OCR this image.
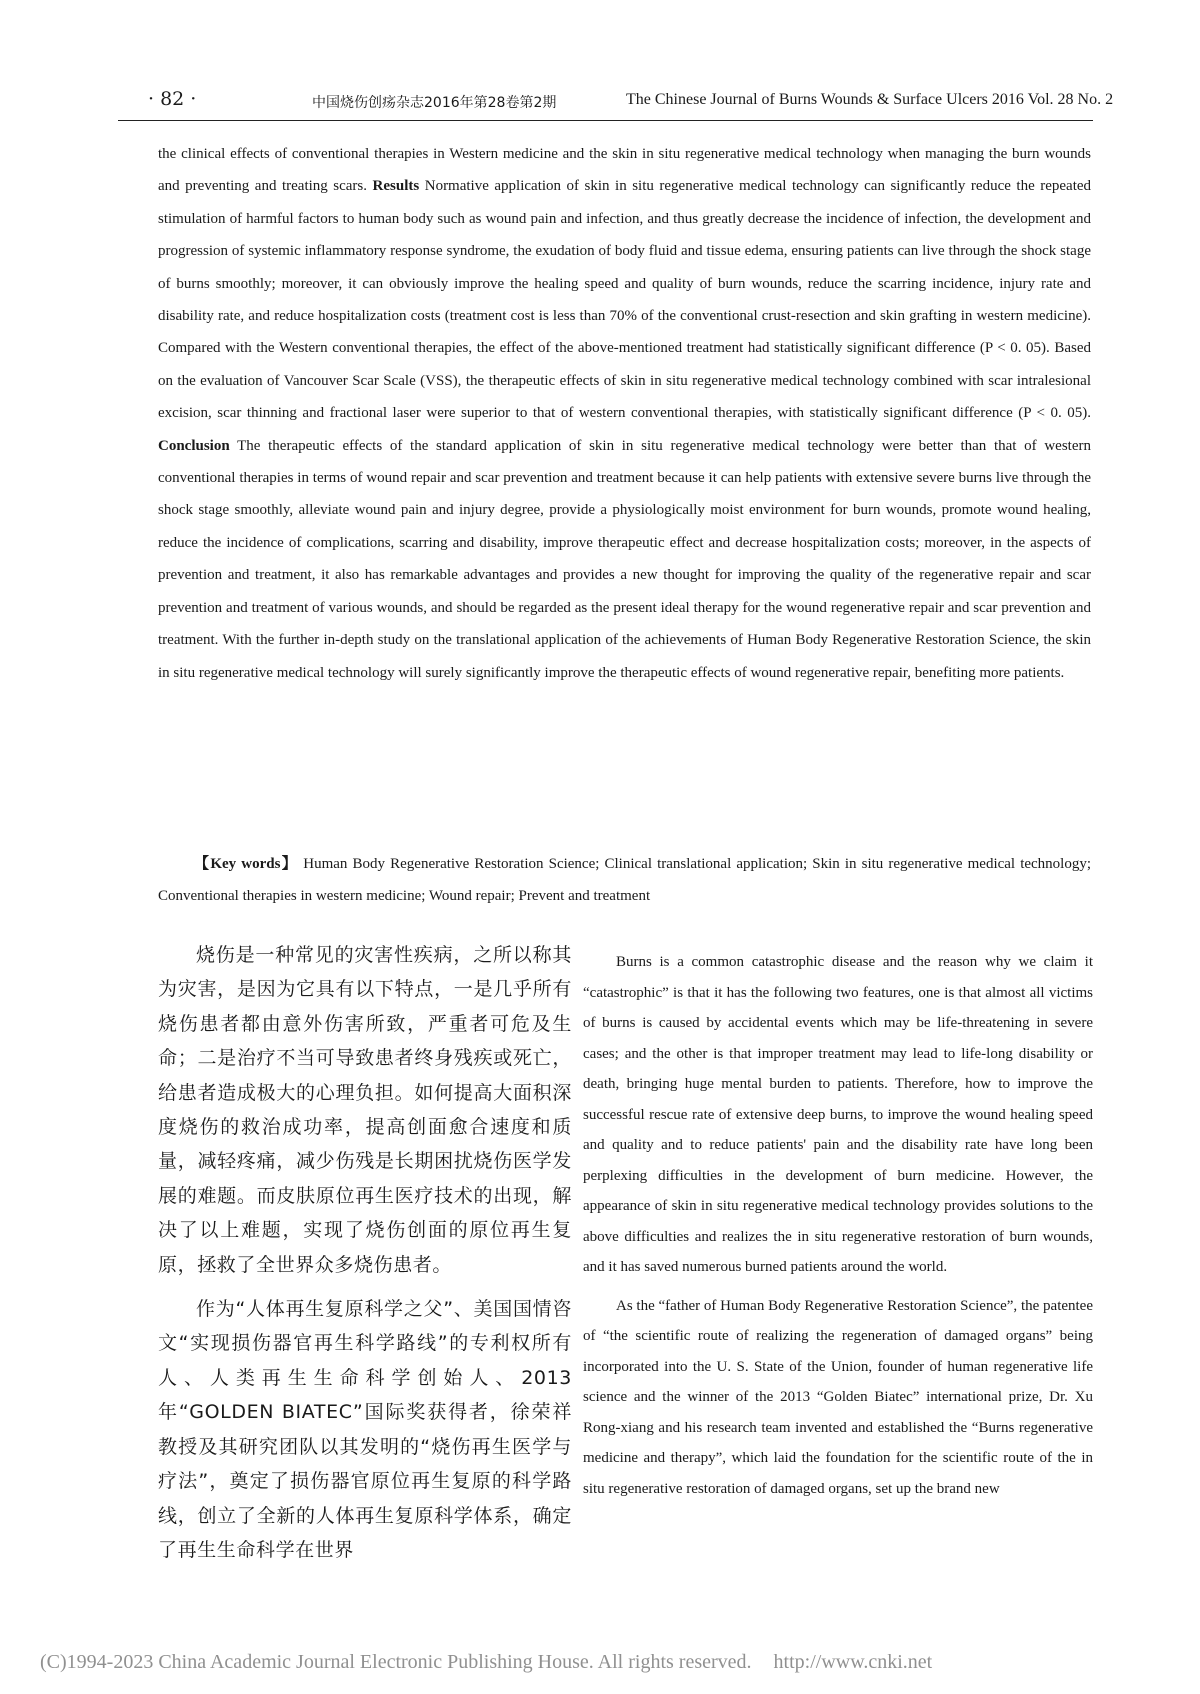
· 82 ·	中国烧伤创疡杂志2016年第28卷第2期	The Chinese Journal of Burns Wounds & Surface Ulcers 2016 Vol. 28 No. 2

the clinical effects of conventional therapies in Western medicine and the skin in situ regenerative medical technology when managing the burn wounds and preventing and treating scars. Results Normative application of skin in situ regenerative medical technology can significantly reduce the repeated stimulation of harmful factors to human body such as wound pain and infection, and thus greatly decrease the incidence of infection, the development and progression of systemic inflammatory response syndrome, the exudation of body fluid and tissue edema, ensuring patients can live through the shock stage of burns smoothly; moreover, it can obviously improve the healing speed and quality of burn wounds, reduce the scarring incidence, injury rate and disability rate, and reduce hospitalization costs (treatment cost is less than 70% of the conventional crust-resection and skin grafting in western medicine). Compared with the Western conventional therapies, the effect of the above-mentioned treatment had statistically significant difference (P < 0. 05). Based on the evaluation of Vancouver Scar Scale (VSS), the therapeutic effects of skin in situ regenerative medical technology combined with scar intralesional excision, scar thinning and fractional laser were superior to that of western conventional therapies, with statistically significant difference (P < 0. 05). Conclusion The therapeutic effects of the standard application of skin in situ regenerative medical technology were better than that of western conventional therapies in terms of wound repair and scar prevention and treatment because it can help patients with extensive severe burns live through the shock stage smoothly, alleviate wound pain and injury degree, provide a physiologically moist environment for burn wounds, promote wound healing, reduce the incidence of complications, scarring and disability, improve therapeutic effect and decrease hospitalization costs; moreover, in the aspects of prevention and treatment, it also has remarkable advantages and provides a new thought for improving the quality of the regenerative repair and scar prevention and treatment of various wounds, and should be regarded as the present ideal therapy for the wound regenerative repair and scar prevention and treatment. With the further in-depth study on the translational application of the achievements of Human Body Regenerative Restoration Science, the skin in situ regenerative medical technology will surely significantly improve the therapeutic effects of wound regenerative repair, benefiting more patients.

【Key words】 Human Body Regenerative Restoration Science; Clinical translational application; Skin in situ regenerative medical technology; Conventional therapies in western medicine; Wound repair; Prevent and treatment

烧伤是一种常见的灾害性疾病，之所以称其为灾害，是因为它具有以下特点，一是几乎所有烧伤患者都由意外伤害所致，严重者可危及生命；二是治疗不当可导致患者终身残疾或死亡，给患者造成极大的心理负担。如何提高大面积深度烧伤的救治成功率，提高创面愈合速度和质量，减轻疼痛，减少伤残是长期困扰烧伤医学发展的难题。而皮肤原位再生医疗技术的出现，解决了以上难题，实现了烧伤创面的原位再生复原，拯救了全世界众多烧伤患者。

作为“人体再生复原科学之父”、美国国情咨文“实现损伤器官再生科学路线”的专利权所有人、人类再生生命科学创始人、2013年“GOLDEN BIATEC”国际奖获得者，徐荣祥教授及其研究团队以其发明的“烧伤再生医学与疗法”，奠定了损伤器官原位再生复原的科学路线，创立了全新的人体再生复原科学体系，确定了再生生命科学在世界

Burns is a common catastrophic disease and the reason why we claim it “catastrophic” is that it has the following two features, one is that almost all victims of burns is caused by accidental events which may be life-threatening in severe cases; and the other is that improper treatment may lead to life-long disability or death, bringing huge mental burden to patients. Therefore, how to improve the successful rescue rate of extensive deep burns, to improve the wound healing speed and quality and to reduce patients' pain and the disability rate have long been perplexing difficulties in the development of burn medicine. However, the appearance of skin in situ regenerative medical technology provides solutions to the above difficulties and realizes the in situ regenerative restoration of burn wounds, and it has saved numerous burned patients around the world.

As the “father of Human Body Regenerative Restoration Science”, the patentee of “the scientific route of realizing the regeneration of damaged organs” being incorporated into the U. S. State of the Union, founder of human regenerative life science and the winner of the 2013 “Golden Biatec” international prize, Dr. Xu Rong-xiang and his research team invented and established the “Burns regenerative medicine and therapy”, which laid the foundation for the scientific route of the in situ regenerative restoration of damaged organs, set up the brand new

(C)1994-2023 China Academic Journal Electronic Publishing House. All rights reserved. http://www.cnki.net
